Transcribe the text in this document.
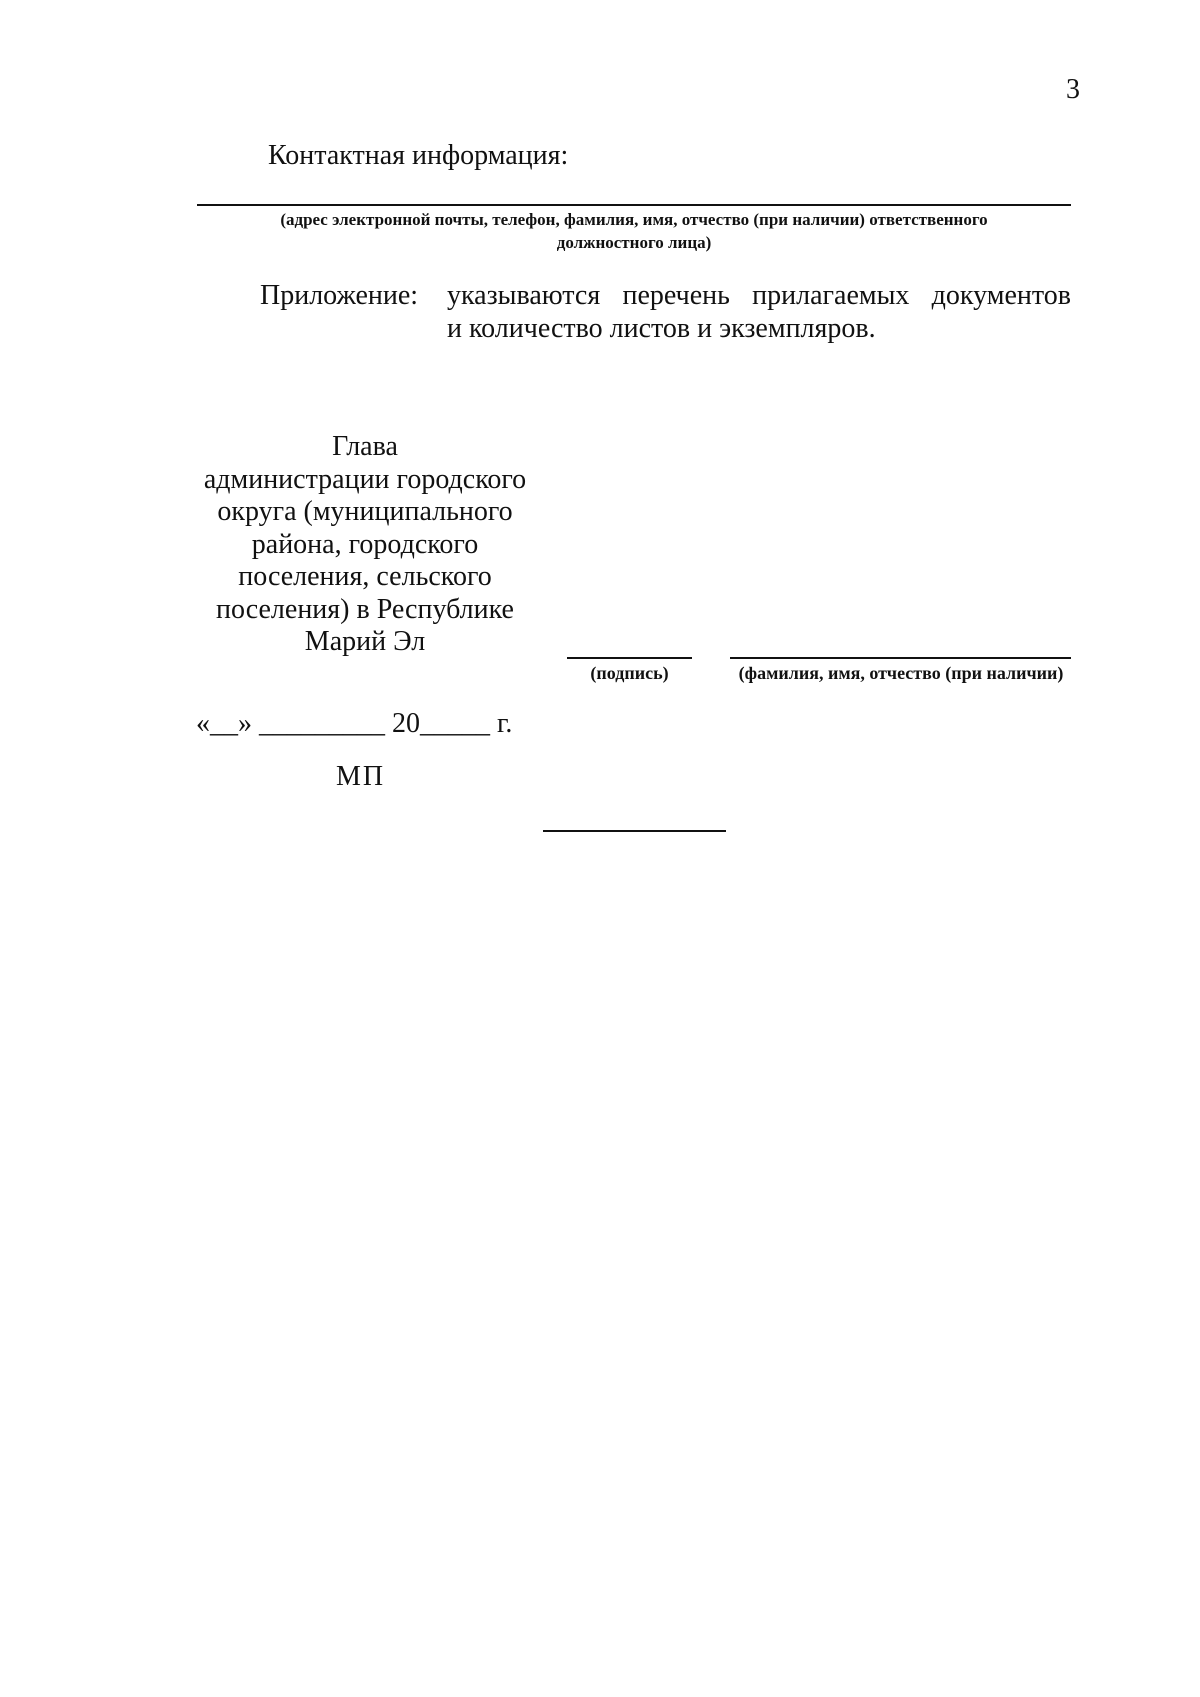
3
Контактная информация:
(адрес электронной почты, телефон, фамилия, имя, отчество (при наличии) ответственного
должностного лица)
Приложение: указываются перечень прилагаемых документов
и количество листов и экземпляров.
Глава
администрации городского
округа (муниципального
района, городского
поселения, сельского
поселения) в Республике
Марий Эл
(подпись)	(фамилия, имя, отчество (при наличии)
«__» _________ 20_____ г.
МП
